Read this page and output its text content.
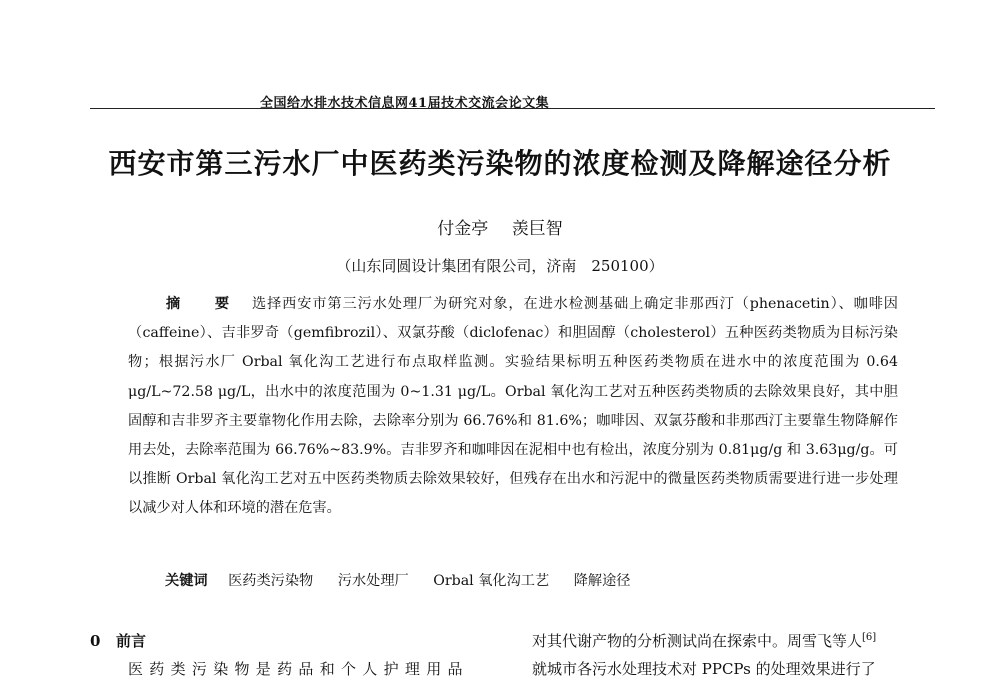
全国给水排水技术信息网41届技术交流会论文集
西安市第三污水厂中医药类污染物的浓度检测及降解途径分析
付金亭 羡巨智
（山东同圆设计集团有限公司，济南　250100）
摘 要 选择西安市第三污水处理厂为研究对象，在进水检测基础上确定非那西汀（phenacetin）、咖啡因（caffeine）、吉非罗奇（gemfibrozil）、双氯芬酸（diclofenac）和胆固醇（cholesterol）五种医药类物质为目标污染物；根据污水厂 Orbal 氧化沟工艺进行布点取样监测。实验结果标明五种医药类物质在进水中的浓度范围为 0.64 μg/L~72.58 μg/L，出水中的浓度范围为 0~1.31 μg/L。Orbal 氧化沟工艺对五种医药类物质的去除效果良好，其中胆固醇和吉非罗齐主要靠物化作用去除，去除率分别为 66.76%和 81.6%；咖啡因、双氯芬酸和非那西汀主要靠生物降解作用去处，去除率范围为 66.76%~83.9%。吉非罗齐和咖啡因在泥相中也有检出，浓度分别为 0.81μg/g 和 3.63μg/g。可以推断 Orbal 氧化沟工艺对五中医药类物质去除效果较好，但残存在出水和污泥中的微量医药类物质需要进行进一步处理以减少对人体和环境的潜在危害。
关键词 医药类污染物 污水处理厂 Orbal 氧化沟工艺 降解途径
0 前言
医药类污染物是药品和个人护理用品
对其代谢产物的分析测试尚在探索中。周雪飞等人[6]
就城市各污水处理技术对 PPCPs 的处理效果进行了
